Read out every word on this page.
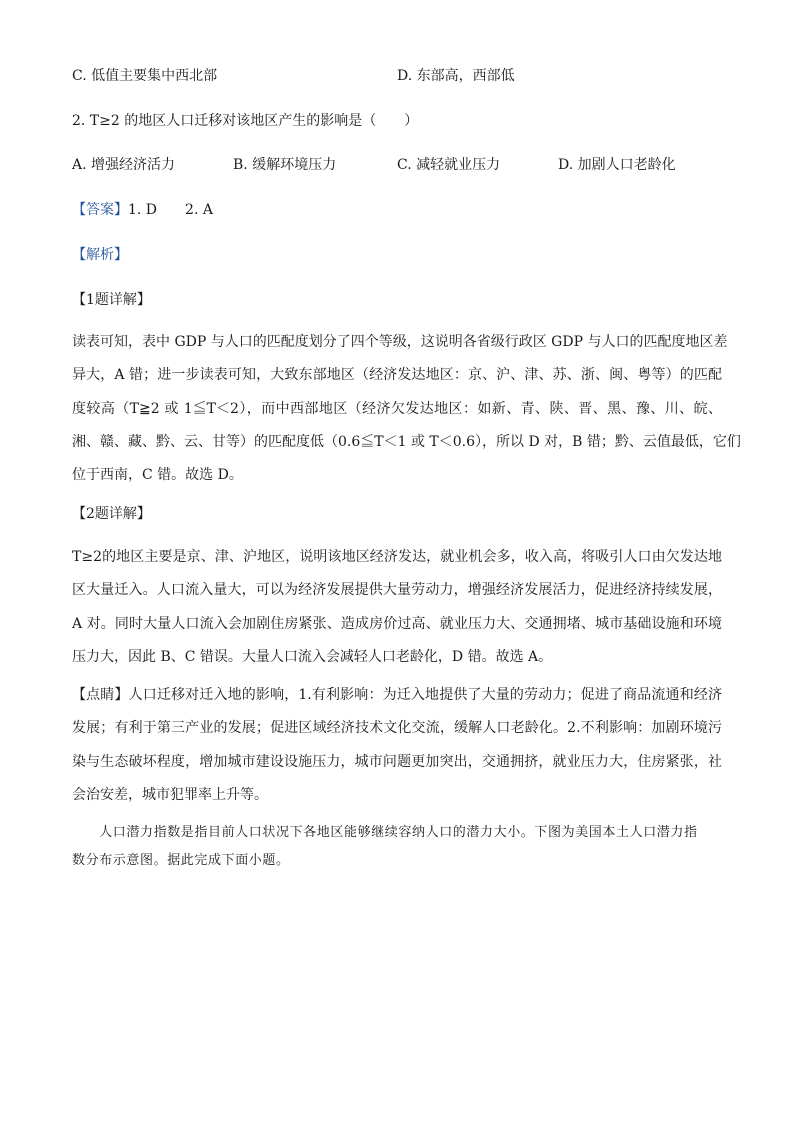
C. 低值主要集中西北部	D. 东部高，西部低
2. T≥2 的地区人口迁移对该地区产生的影响是（　　）
A. 增强经济活力	B. 缓解环境压力	C. 减轻就业压力	D. 加剧人口老龄化
【答案】1. D　　2. A
【解析】
【1题详解】
读表可知，表中 GDP 与人口的匹配度划分了四个等级，这说明各省级行政区 GDP 与人口的匹配度地区差
异大，A 错；进一步读表可知，大致东部地区（经济发达地区：京、沪、津、苏、浙、闽、粤等）的匹配
度较高（T≧2 或 1≦T＜2），而中西部地区（经济欠发达地区：如新、青、陕、晋、黑、豫、川、皖、
湘、赣、藏、黔、云、甘等）的匹配度低（0.6≦T＜1 或 T＜0.6），所以 D 对，B 错；黔、云值最低，它们
位于西南，C 错。故选 D。
【2题详解】
T≥2的地区主要是京、津、沪地区，说明该地区经济发达，就业机会多，收入高，将吸引人口由欠发达地
区大量迁入。人口流入量大，可以为经济发展提供大量劳动力，增强经济发展活力，促进经济持续发展，
A 对。同时大量人口流入会加剧住房紧张、造成房价过高、就业压力大、交通拥堵、城市基础设施和环境
压力大，因此 B、C 错误。大量人口流入会减轻人口老龄化，D 错。故选 A。
【点睛】人口迁移对迁入地的影响，1.有利影响：为迁入地提供了大量的劳动力；促进了商品流通和经济
发展；有利于第三产业的发展；促进区域经济技术文化交流，缓解人口老龄化。2.不利影响：加剧环境污
染与生态破坏程度，增加城市建设设施压力，城市问题更加突出，交通拥挤，就业压力大，住房紧张，社
会治安差，城市犯罪率上升等。
　　人口潜力指数是指目前人口状况下各地区能够继续容纳人口的潜力大小。下图为美国本土人口潜力指
数分布示意图。据此完成下面小题。
